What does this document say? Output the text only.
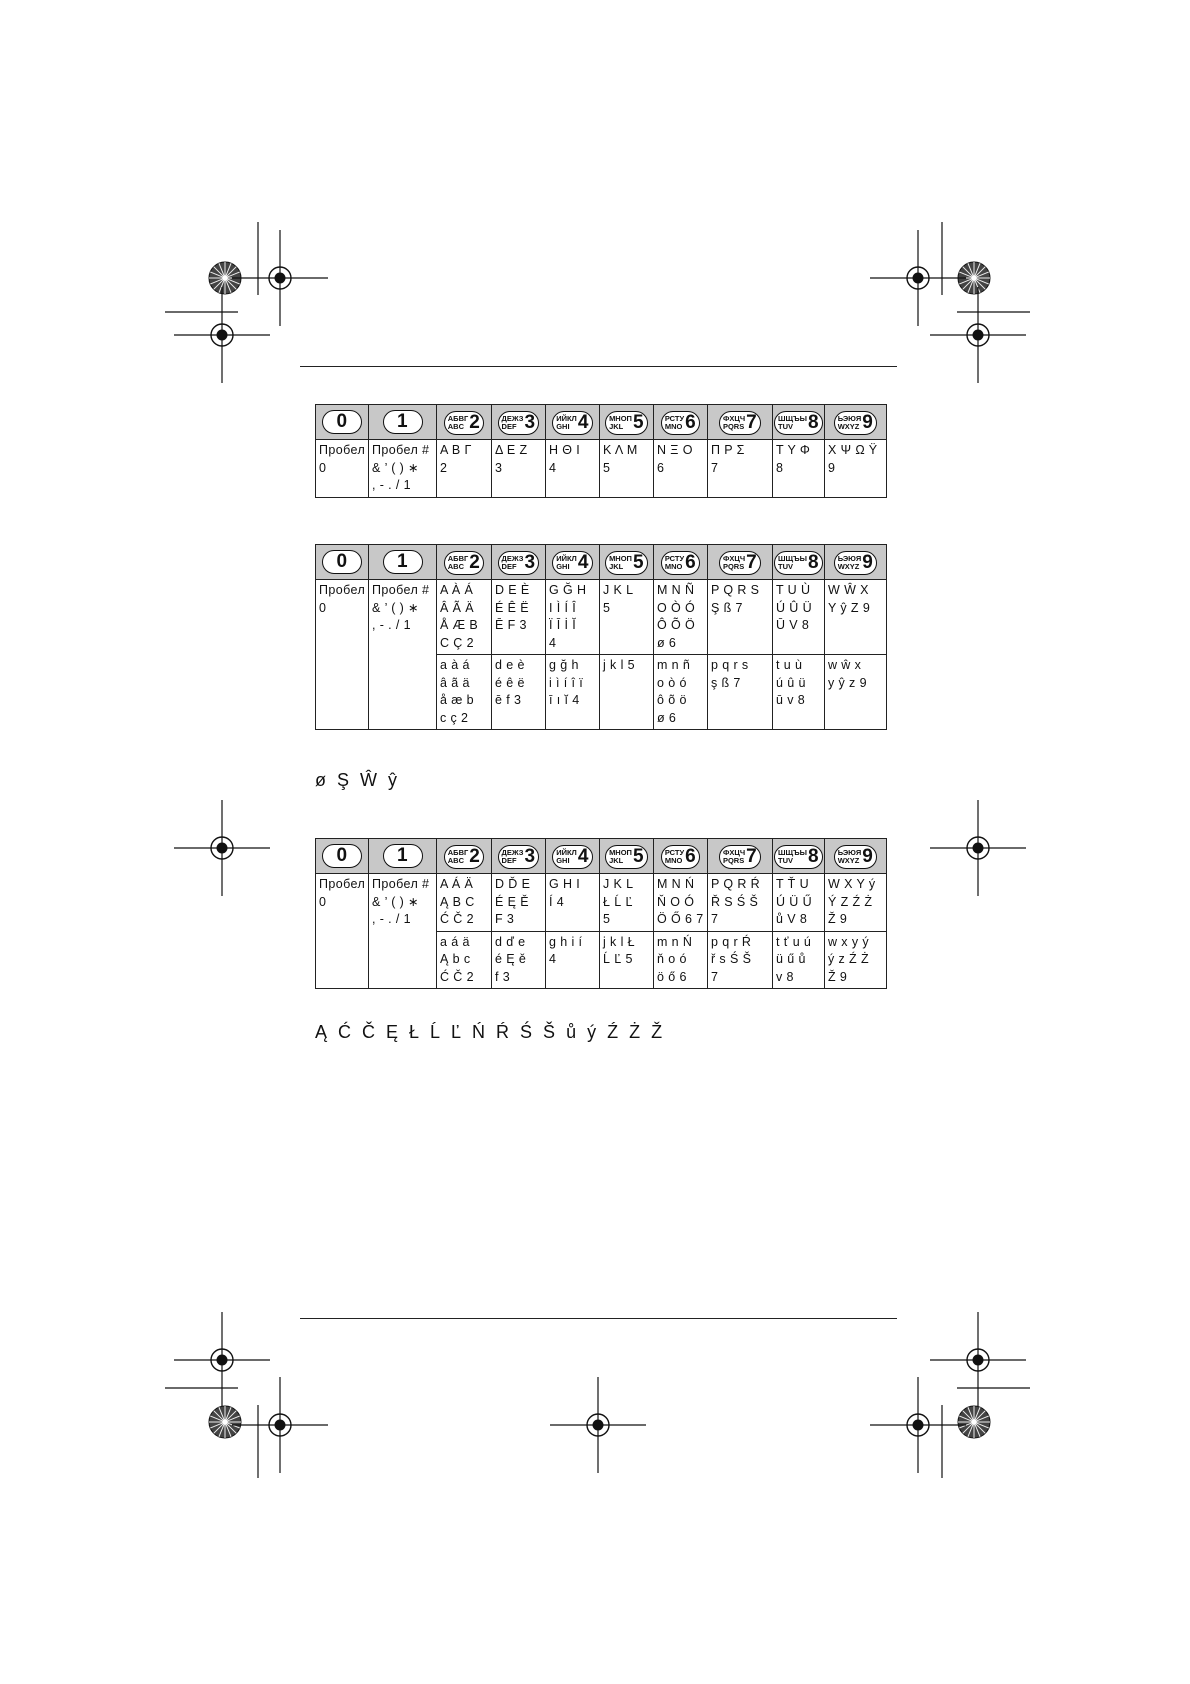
0	1	АБВГ
ABC 2	ДЕЖЗ
DEF 3	ИЙКЛ
GHI 4	МНОП
JKL 5	РСТУ
MNO 6	ФХЦЧ
PQRS 7	ШЩЪЫ
TUV 8	ЬЭЮЯ
WXYZ 9

Пробел
0	Пробел #
& ’ ( ) ∗
, - . / 1	Α Β Γ
2	Δ Ε Ζ
3	Η Θ Ι
4	Κ Λ Μ
5	Ν Ξ Ο
6	Π Ρ Σ
7	Τ Υ Φ
8	Χ Ψ Ω Ϋ
9
0	1	АБВГ
ABC 2	ДЕЖЗ
DEF 3	ИЙКЛ
GHI 4	МНОП
JKL 5	РСТУ
MNO 6	ФХЦЧ
PQRS 7	ШЩЪЫ
TUV 8	ЬЭЮЯ
WXYZ 9

Пробел
0	Пробел #
& ’ ( ) ∗
, - . / 1	A À Á
Â Ã Ä
Å Æ B
C Ç 2	D E È
É Ê Ë
Ē F 3	G Ğ H
I Ì Í Î
Ï Ī İ Ĭ
4	J K L
5	M N Ñ
O Ò Ó
Ô Õ Ö
ø 6	P Q R S
Ş ß 7	T U Ù
Ú Û Ü
Ū V 8	W Ŵ X
Y ŷ Z 9
		a à á
â ã ä
å æ b
c ç 2	d e è
é ê ë
ē f 3	g ğ h
i ì í î ï
ī ı ĭ 4	j k l 5	m n ñ
o ò ó
ô õ ö
ø 6	p q r s
ş ß 7	t u ù
ú û ü
ū v 8	w ŵ x
y ŷ z 9
ø Ş Ŵ ŷ
0	1	АБВГ
ABC 2	ДЕЖЗ
DEF 3	ИЙКЛ
GHI 4	МНОП
JKL 5	РСТУ
MNO 6	ФХЦЧ
PQRS 7	ШЩЪЫ
TUV 8	ЬЭЮЯ
WXYZ 9

Пробел
0	Пробел #
& ’ ( ) ∗
, - . / 1	A Á Ä
Ą B C
Ć Č 2	D Ď E
É Ę Ě
F 3	G H I
Í 4	J K L
Ł Ĺ Ľ
5	M N Ń
Ň O Ó
Ö Ő 6 7	P Q R Ŕ
Ř S Ś Š
7	T Ť U
Ú Ü Ű
ů V 8	W X Y ý
Ý Z Ź Ż
Ž 9
		a á ä
Ą b c
Ć Č 2	d ď e
é Ę ě
f 3	g h i í
4	j k l Ł
Ĺ Ľ 5	m n Ń
ň o ó
ö ő 6	p q r Ŕ
ř s Ś Š
7	t ť u ú
ü ű ů
v 8	w x y ý
ý z Ź Ż
Ž 9
Ą Ć Č Ę Ł Ĺ Ľ Ń Ŕ Ś Š ů ý Ź Ż Ž
